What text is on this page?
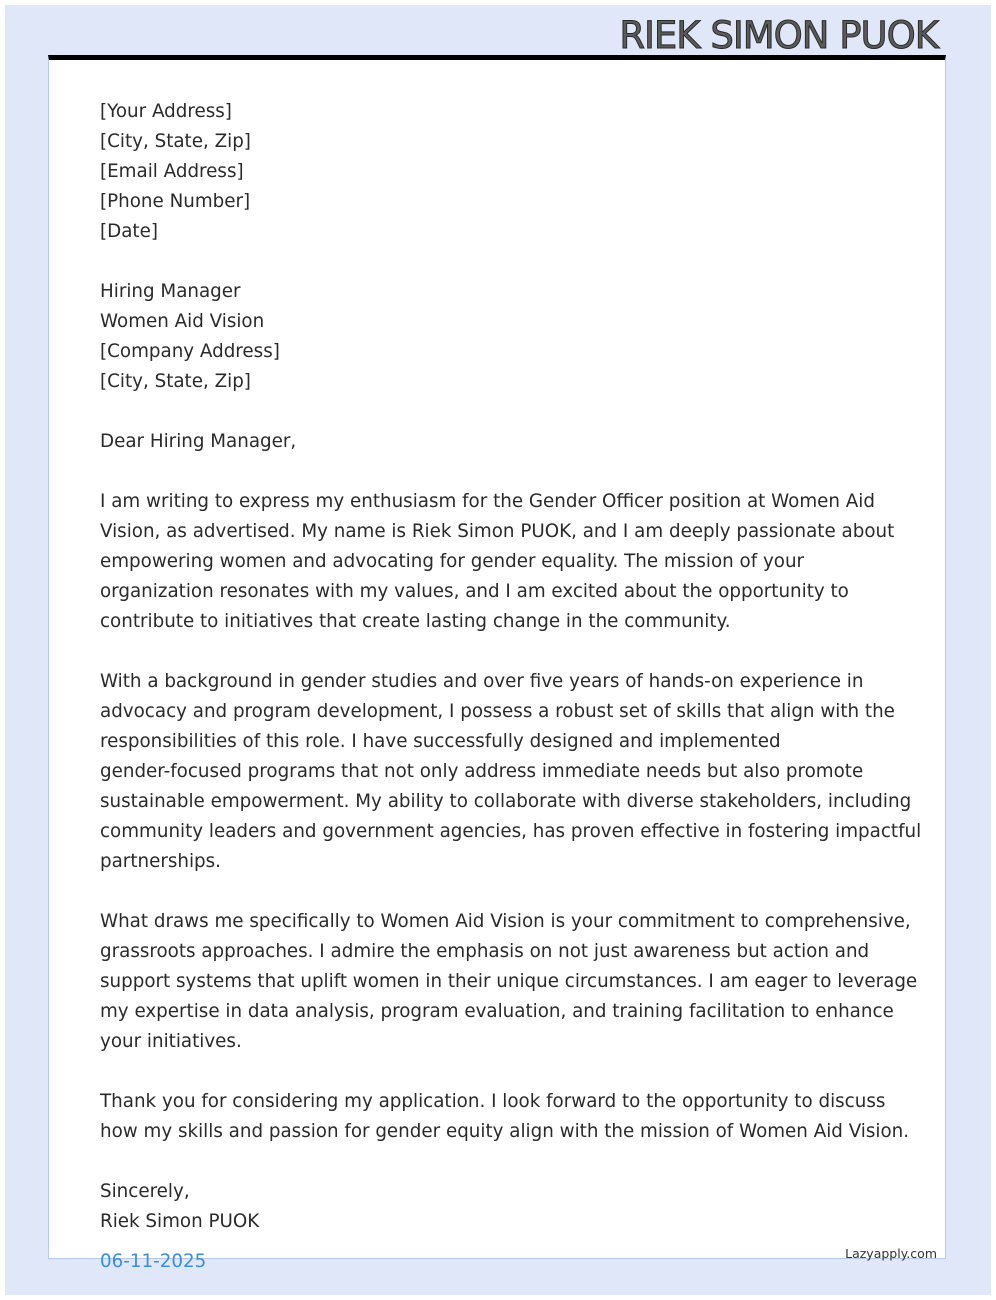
RIEK SIMON PUOK
[Your Address]
[City, State, Zip]
[Email Address]
[Phone Number]
[Date]
Hiring Manager
Women Aid Vision
[Company Address]
[City, State, Zip]
Dear Hiring Manager,
I am writing to express my enthusiasm for the Gender Officer position at Women Aid
Vision, as advertised. My name is Riek Simon PUOK, and I am deeply passionate about
empowering women and advocating for gender equality. The mission of your
organization resonates with my values, and I am excited about the opportunity to
contribute to initiatives that create lasting change in the community.
With a background in gender studies and over five years of hands-on experience in
advocacy and program development, I possess a robust set of skills that align with the
responsibilities of this role. I have successfully designed and implemented
gender-focused programs that not only address immediate needs but also promote
sustainable empowerment. My ability to collaborate with diverse stakeholders, including
community leaders and government agencies, has proven effective in fostering impactful
partnerships.
What draws me specifically to Women Aid Vision is your commitment to comprehensive,
grassroots approaches. I admire the emphasis on not just awareness but action and
support systems that uplift women in their unique circumstances. I am eager to leverage
my expertise in data analysis, program evaluation, and training facilitation to enhance
your initiatives.
Thank you for considering my application. I look forward to the opportunity to discuss
how my skills and passion for gender equity align with the mission of Women Aid Vision.
Sincerely,
Riek Simon PUOK
06-11-2025	Lazyapply.com
